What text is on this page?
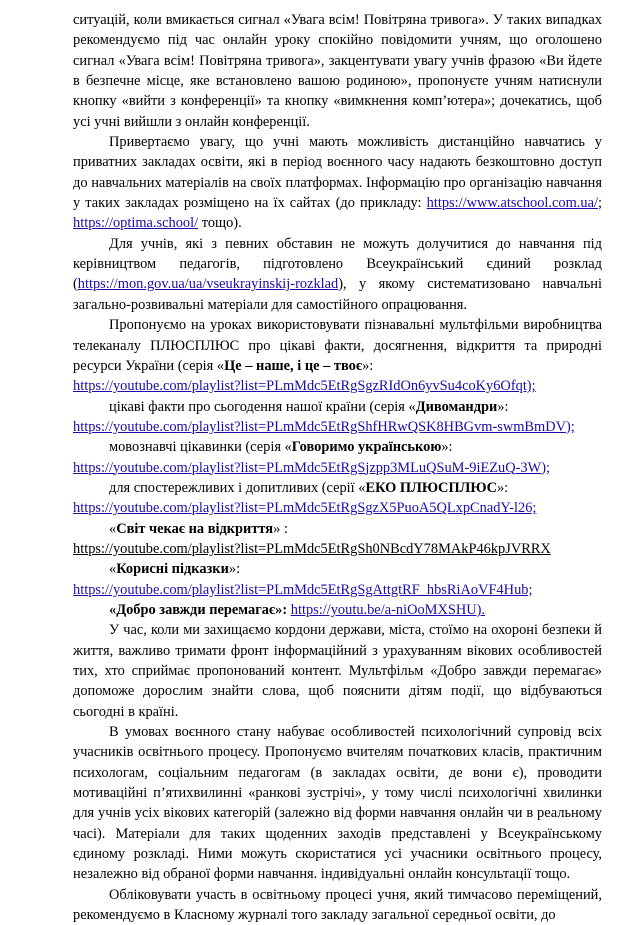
ситуацій, коли вмикається сигнал «Увага всім! Повітряна тривога». У таких випадках рекомендуємо під час онлайн уроку спокійно повідомити учням, що оголошено сигнал «Увага всім! Повітряна тривога», закцентувати увагу учнів фразою «Ви йдете в безпечне місце, яке встановлено вашою родиною», пропонуєте учням натиснули кнопку «вийти з конференції» та кнопку «вимкнення комп’ютера»; дочекатись, щоб усі учні вийшли з онлайн конференції.

Привертаємо увагу, що учні мають можливість дистанційно навчатись у приватних закладах освіти, які в період воєнного часу надають безкоштовно доступ до навчальних матеріалів на своїх платформах. Інформацію про організацію навчання у таких закладах розміщено на їх сайтах (до прикладу: https://www.atschool.com.ua/; https://optima.school/ тощо).

Для учнів, які з певних обставин не можуть долучитися до навчання під керівництвом педагогів, підготовлено Всеукраїнський єдиний розклад (https://mon.gov.ua/ua/vseukrayinskij-rozklad), у якому систематизовано навчальні загально-розвивальні матеріали для самостійного опрацювання.

Пропонуємо на уроках використовувати пізнавальні мультфільми виробництва телеканалу ПЛЮСПЛЮС про цікаві факти, досягнення, відкриття та природні ресурси України (серія «Це – наше, і це – твоє»:

https://youtube.com/playlist?list=PLmMdc5EtRgSgzRIdOn6yvSu4coKy6Ofqt);
цікаві факти про сьогодення нашої країни (серія «Дивомандри»:
https://youtube.com/playlist?list=PLmMdc5EtRgShfHRwQSK8HBGvm-swmBmDV);
мовознавчі цікавинки (серія «Говоримо українською»:
https://youtube.com/playlist?list=PLmMdc5EtRgSjzpp3MLuQSuM-9iEZuQ-3W);
для спостережливих і допитливих (серії «ЕКО ПЛЮСПЛЮС»:
https://youtube.com/playlist?list=PLmMdc5EtRgSgzX5PuoA5QLxpCnadY-l26;
«Світ чекає на відкриття» :
https://youtube.com/playlist?list=PLmMdc5EtRgSh0NBcdY78MAkP46kpJVRRX
«Корисні підказки»:
https://youtube.com/playlist?list=PLmMdc5EtRgSgAttgtRF_hbsRiAoVF4Hub;
«Добро завжди перемагає»: https://youtu.be/a-niOoMXSHU).

У час, коли ми захищаємо кордони держави, міста, стоїмо на охороні безпеки й життя, важливо тримати фронт інформаційний з урахуванням вікових особливостей тих, хто сприймає пропонований контент. Мультфільм «Добро завжди перемагає» допоможе дорослим знайти слова, щоб пояснити дітям події, що відбуваються сьогодні в країні.

В умовах воєнного стану набуває особливостей психологічний супровід всіх учасників освітнього процесу. Пропонуємо вчителям початкових класів, практичним психологам, соціальним педагогам (в закладах освіти, де вони є), проводити мотиваційні п’ятихвилинні «ранкові зустрічі», у тому числі психологічні хвилинки для учнів усіх вікових категорій (залежно від форми навчання онлайн чи в реальному часі). Матеріали для таких щоденних заходів представлені у Всеукраїнському єдиному розкладі. Ними можуть скористатися усі учасники освітнього процесу, незалежно від обраної форми навчання. індивідуальні онлайн консультації тощо.

Обліковувати участь в освітньому процесі учня, який тимчасово переміщений, рекомендуємо в Класному журналі того закладу загальної середньої освіти, до
